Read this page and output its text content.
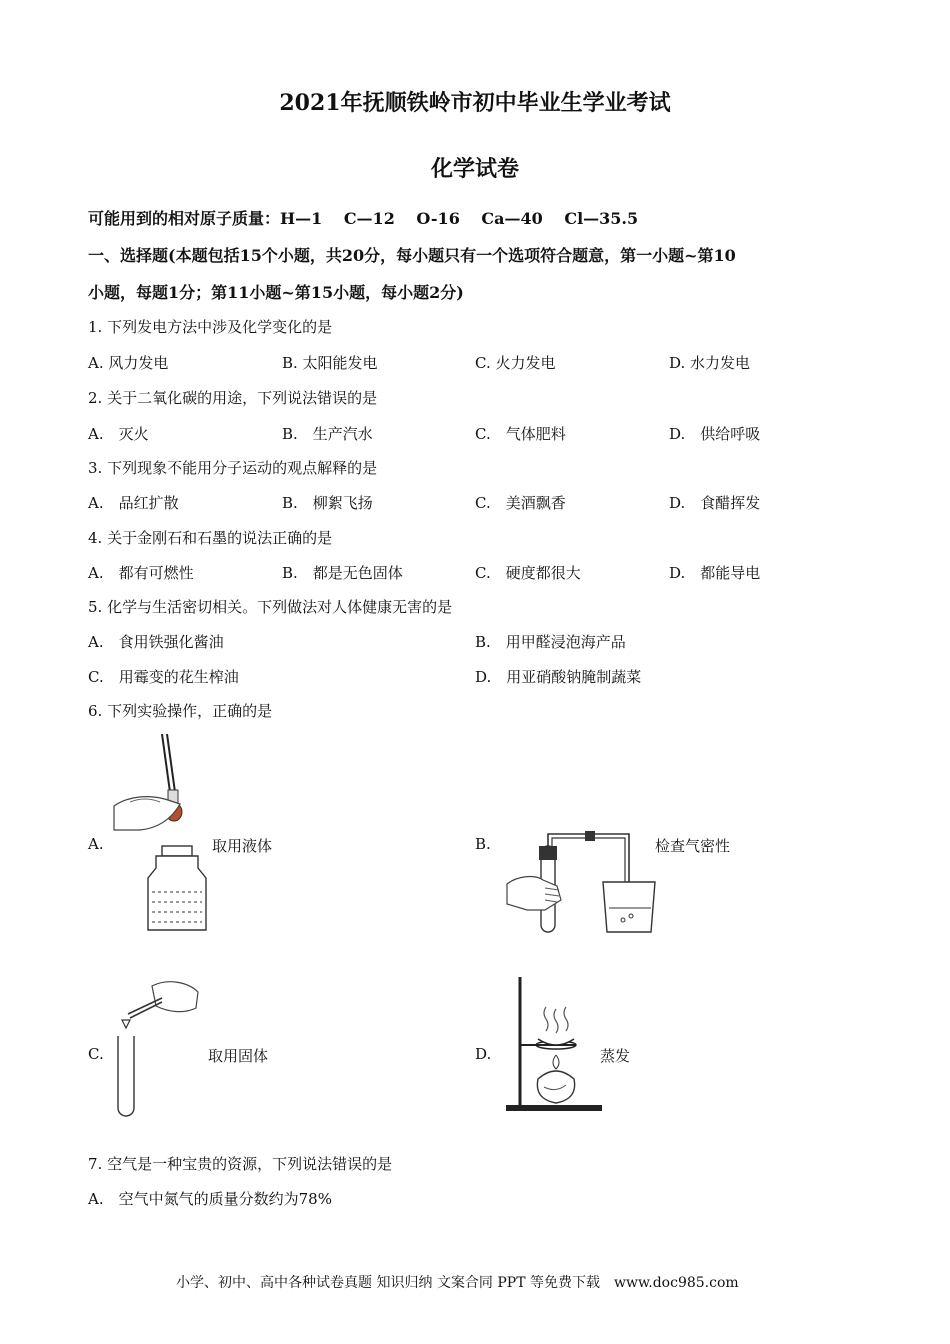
2021年抚顺铁岭市初中毕业生学业考试
化学试卷
可能用到的相对原子质量：H—1　 C—12　 O-16　 Ca—40　 Cl—35.5
一、选择题(本题包括15个小题，共20分，每小题只有一个选项符合题意，第一小题~第10
小题，每题1分；第11小题~第15小题，每小题2分)
1. 下列发电方法中涉及化学变化的是
A. 风力发电	B. 太阳能发电	C. 火力发电	D. 水力发电
2. 关于二氧化碳的用途，下列说法错误的是
A.　灭火	B.　生产汽水	C.　气体肥料	D.　供给呼吸
3. 下列现象不能用分子运动的观点解释的是
A.　品红扩散	B.　柳絮飞扬	C.　美酒飘香	D.　食醋挥发
4. 关于金刚石和石墨的说法正确的是
A.　都有可燃性	B.　都是无色固体	C.　硬度都很大	D.　都能导电
5. 化学与生活密切相关。下列做法对人体健康无害的是
A.　食用铁强化酱油	B.　用甲醛浸泡海产品
C.　用霉变的花生榨油	D.　用亚硝酸钠腌制蔬菜
6. 下列实验操作，正确的是
A.	取用液体	B.	检查气密性
C.	取用固体	D.	蒸发
7. 空气是一种宝贵的资源，下列说法错误的是
A.　空气中氮气的质量分数约为78%
小学、初中、高中各种试卷真题 知识归纳 文案合同 PPT 等免费下载　www.doc985.com
